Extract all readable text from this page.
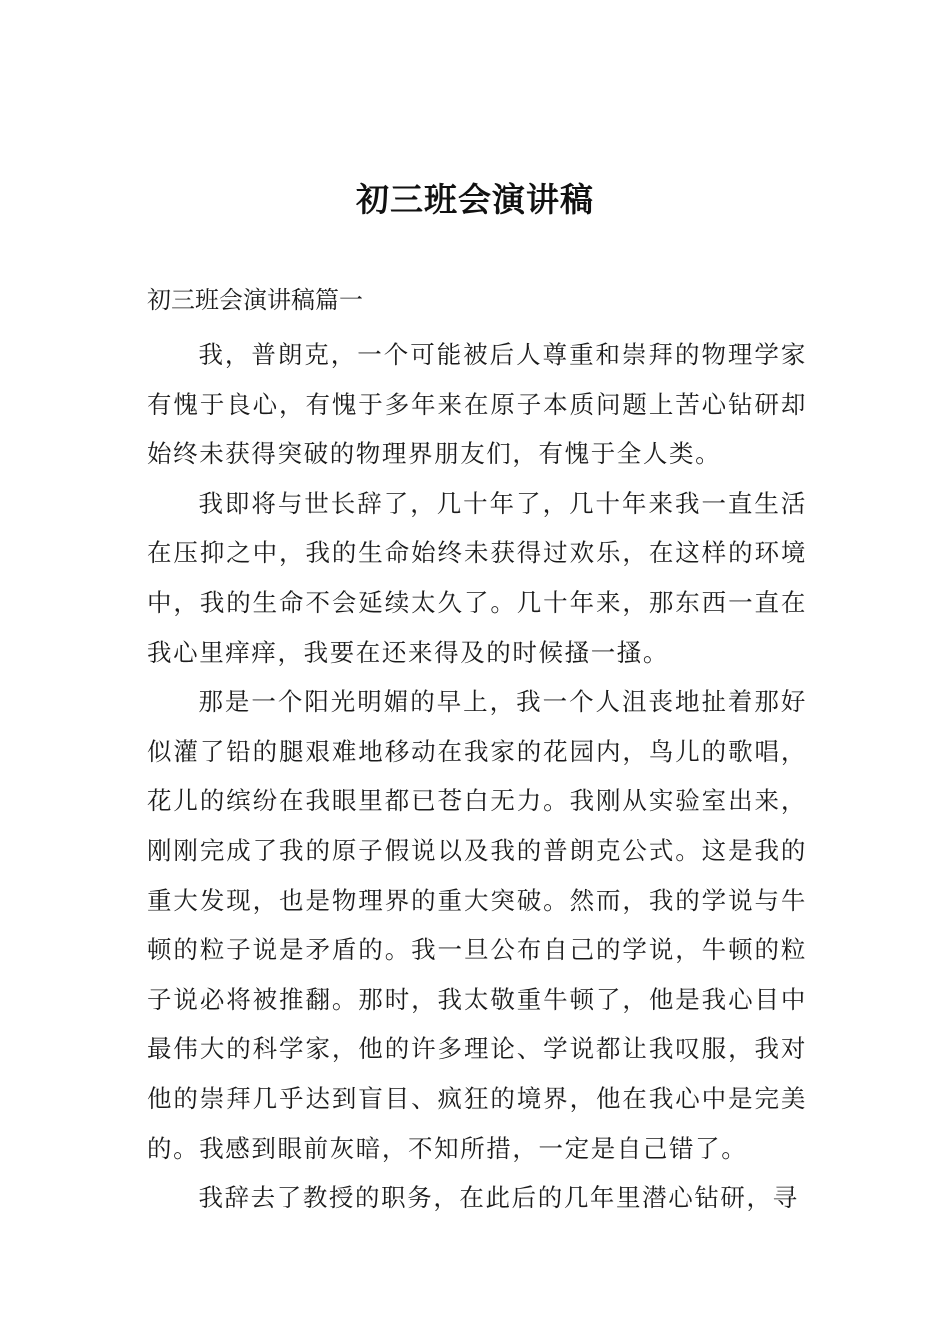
初三班会演讲稿
初三班会演讲稿篇一

我，普朗克，一个可能被后人尊重和崇拜的物理学家有愧于良心，有愧于多年来在原子本质问题上苦心钻研却始终未获得突破的物理界朋友们，有愧于全人类。

我即将与世长辞了，几十年了，几十年来我一直生活在压抑之中，我的生命始终未获得过欢乐，在这样的环境中，我的生命不会延续太久了。几十年来，那东西一直在我心里痒痒，我要在还来得及的时候搔一搔。

那是一个阳光明媚的早上，我一个人沮丧地扯着那好似灌了铅的腿艰难地移动在我家的花园内，鸟儿的歌唱，花儿的缤纷在我眼里都已苍白无力。我刚从实验室出来，刚刚完成了我的原子假说以及我的普朗克公式。这是我的重大发现，也是物理界的重大突破。然而，我的学说与牛顿的粒子说是矛盾的。我一旦公布自己的学说，牛顿的粒子说必将被推翻。那时，我太敬重牛顿了，他是我心目中最伟大的科学家，他的许多理论、学说都让我叹服，我对他的崇拜几乎达到盲目、疯狂的境界，他在我心中是完美的。我感到眼前灰暗，不知所措，一定是自己错了。

我辞去了教授的职务，在此后的几年里潜心钻研，寻
